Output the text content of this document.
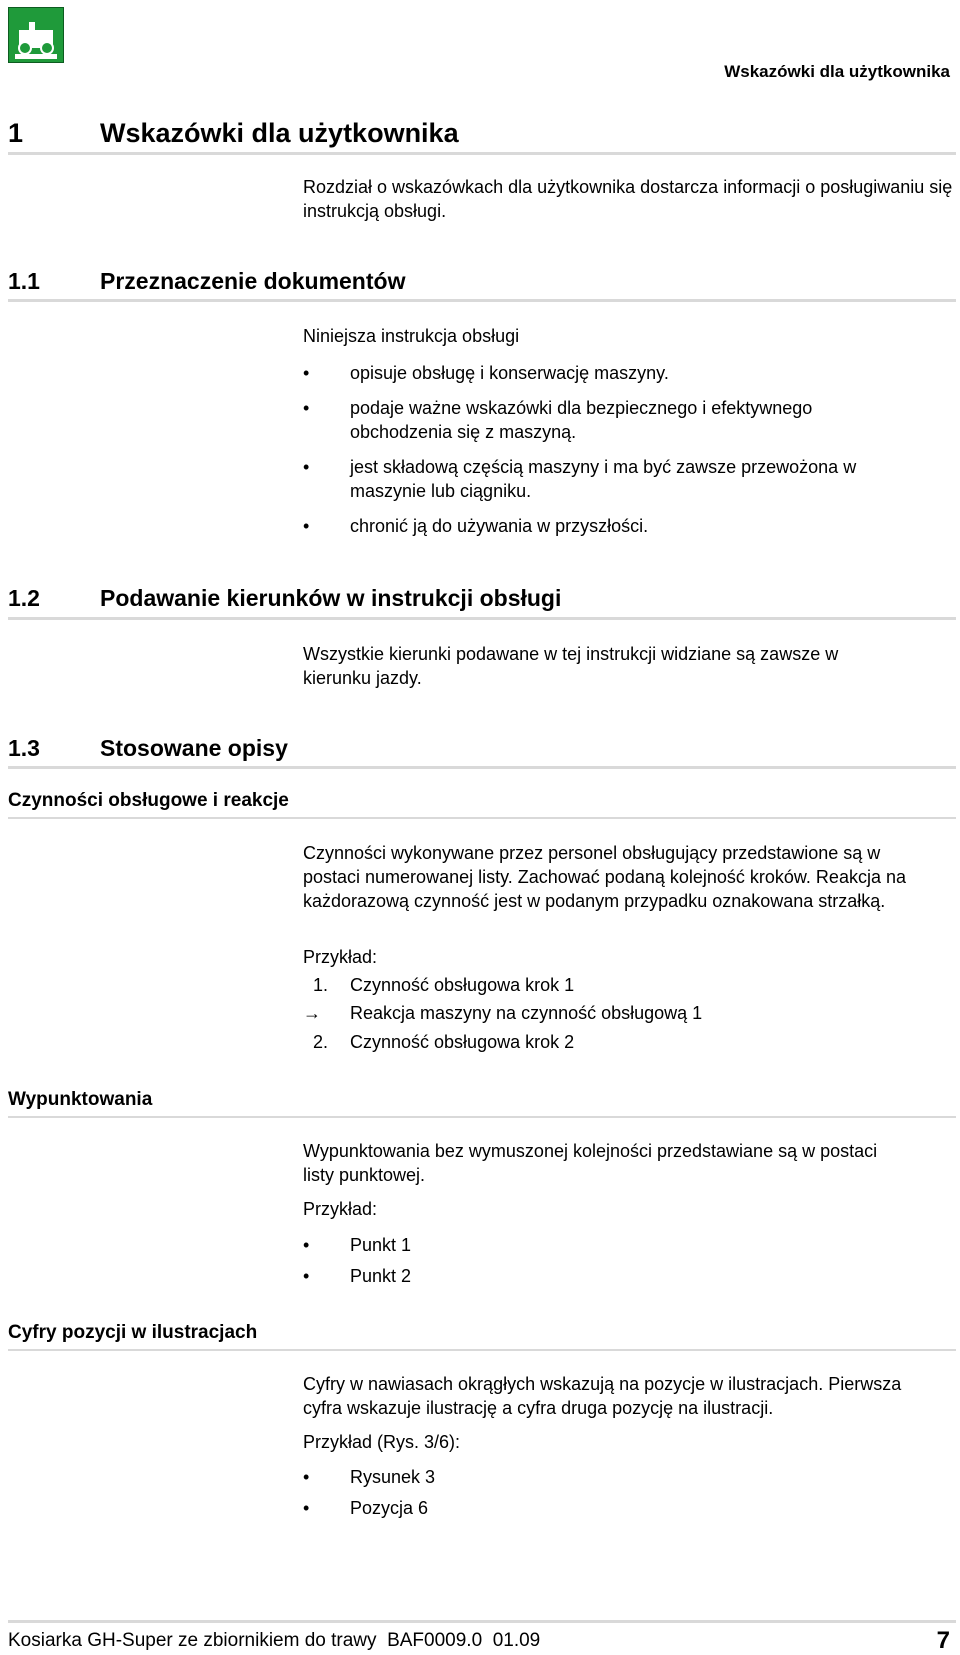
Wskazówki dla użytkownika
1	Wskazówki dla użytkownika
Rozdział o wskazówkach dla użytkownika dostarcza informacji o posługiwaniu się instrukcją obsługi.
1.1	Przeznaczenie dokumentów
Niniejsza instrukcja obsługi
•	opisuje obsługę i konserwację maszyny.
•	podaje ważne wskazówki dla bezpiecznego i efektywnego obchodzenia się z maszyną.
•	jest składową częścią maszyny i ma być zawsze przewożona w maszynie lub ciągniku.
•	chronić ją do używania w przyszłości.
1.2	Podawanie kierunków w instrukcji obsługi
Wszystkie kierunki podawane w tej instrukcji widziane są zawsze w kierunku jazdy.
1.3	Stosowane opisy
Czynności obsługowe i reakcje
Czynności wykonywane przez personel obsługujący przedstawione są w postaci numerowanej listy. Zachować podaną kolejność kroków. Reakcja na każdorazową czynność jest w podanym przypadku oznakowana strzałką.
Przykład:
1. Czynność obsługowa krok 1
→ Reakcja maszyny na czynność obsługową 1
2. Czynność obsługowa krok 2
Wypunktowania
Wypunktowania bez wymuszonej kolejności przedstawiane są w postaci listy punktowej.
Przykład:
•	Punkt 1
•	Punkt 2
Cyfry pozycji w ilustracjach
Cyfry w nawiasach okrągłych wskazują na pozycje w ilustracjach. Pierwsza cyfra wskazuje ilustrację a cyfra druga pozycję na ilustracji.
Przykład (Rys. 3/6):
•	Rysunek 3
•	Pozycja 6
Kosiarka GH-Super ze zbiornikiem do trawy  BAF0009.0  01.09	7
